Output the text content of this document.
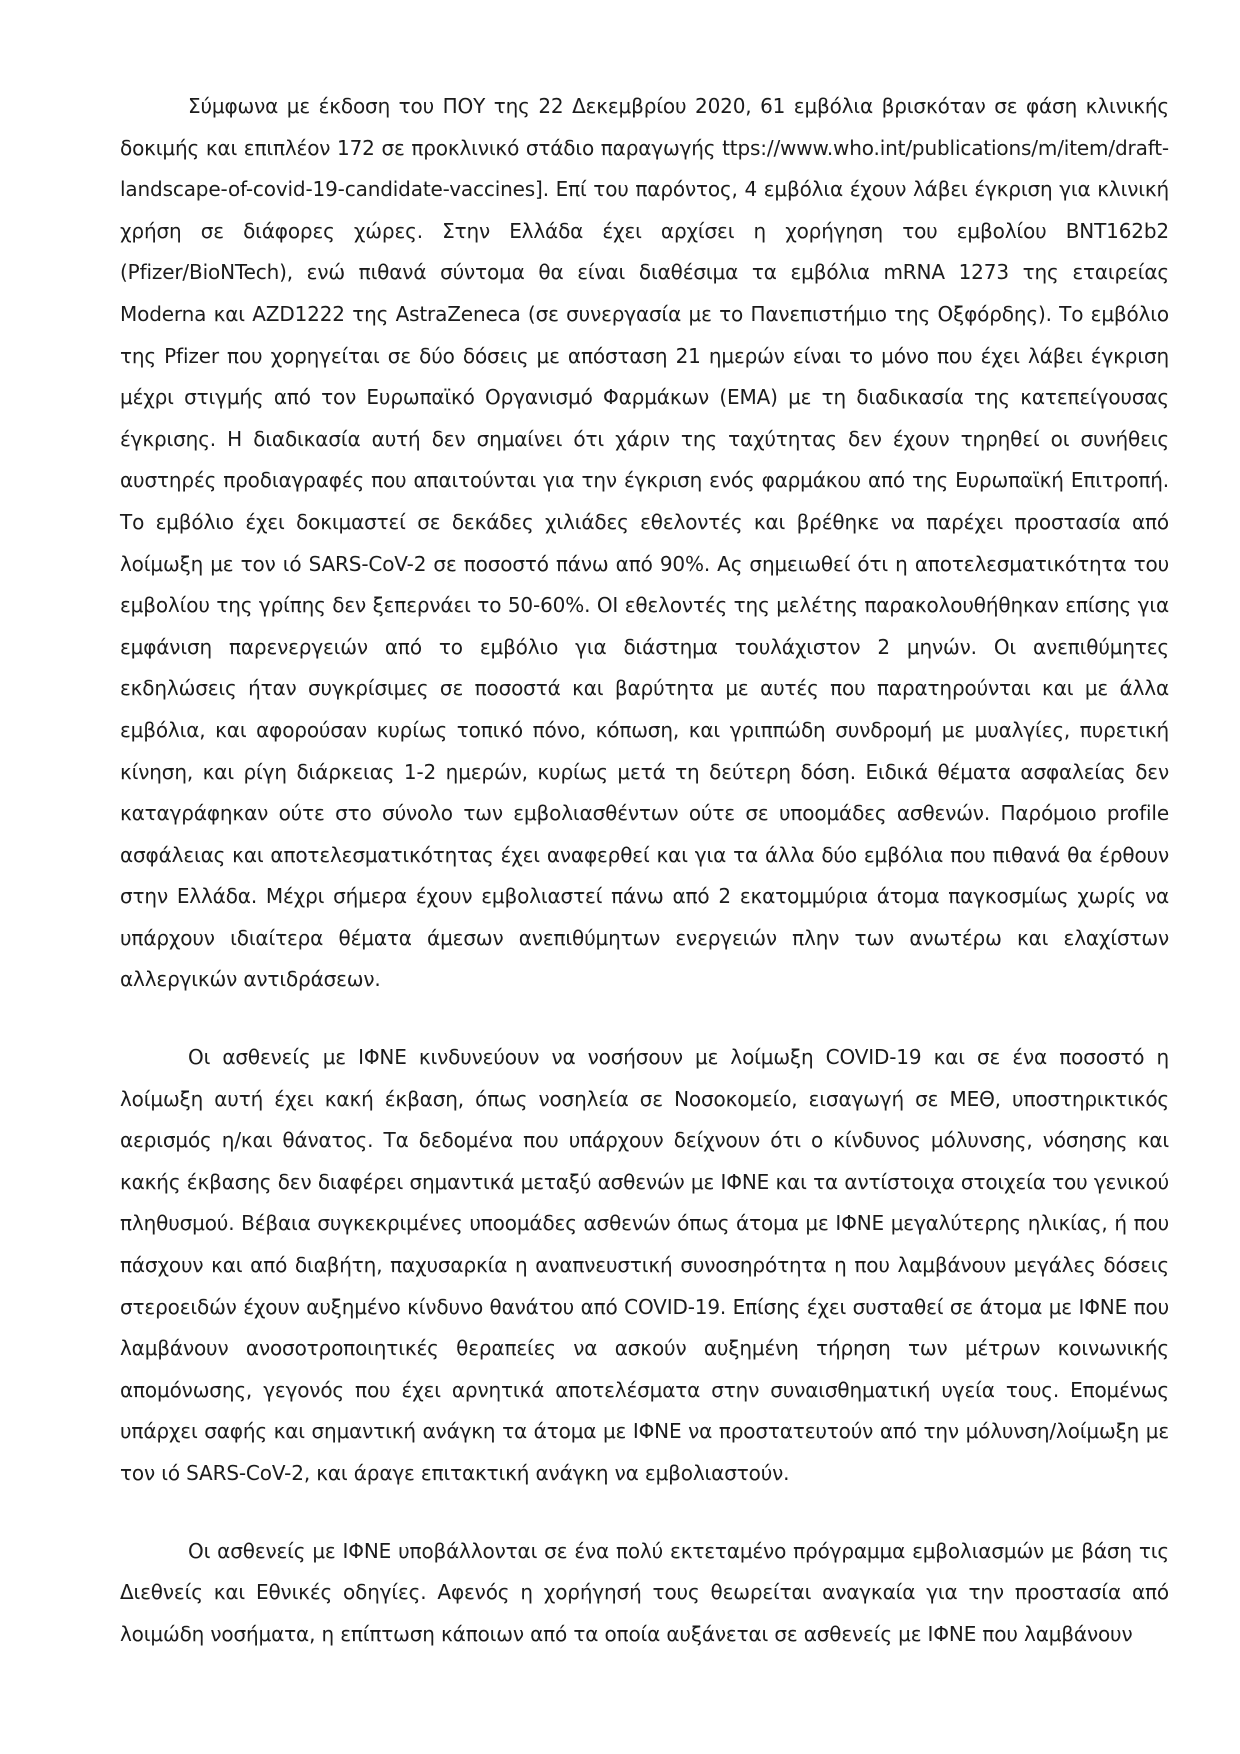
Σύμφωνα με έκδοση του ΠΟΥ της 22 Δεκεμβρίου 2020, 61 εμβόλια βρισκόταν σε φάση κλινικής δοκιμής και επιπλέον 172 σε προκλινικό στάδιο παραγωγής ttps://www.who.int/publications/m/item/draft-landscape-of-covid-19-candidate-vaccines]. Επί του παρόντος, 4 εμβόλια έχουν λάβει έγκριση για κλινική χρήση σε διάφορες χώρες. Στην Ελλάδα έχει αρχίσει η χορήγηση του εμβολίου BNT162b2 (Pfizer/BioNTech), ενώ πιθανά σύντομα θα είναι διαθέσιμα τα εμβόλια mRNA 1273 της εταιρείας Moderna και AZD1222 της AstraZeneca (σε συνεργασία με το Πανεπιστήμιο της Οξφόρδης). Το εμβόλιο της Pfizer που χορηγείται σε δύο δόσεις με απόσταση 21 ημερών είναι το μόνο που έχει λάβει έγκριση μέχρι στιγμής από τον Ευρωπαϊκό Οργανισμό Φαρμάκων (EMA) με τη διαδικασία της κατεπείγουσας έγκρισης. Η διαδικασία αυτή δεν σημαίνει ότι χάριν της ταχύτητας δεν έχουν τηρηθεί οι συνήθεις αυστηρές προδιαγραφές που απαιτούνται για την έγκριση ενός φαρμάκου από της Ευρωπαϊκή Επιτροπή. Το εμβόλιο έχει δοκιμαστεί σε δεκάδες χιλιάδες εθελοντές και βρέθηκε να παρέχει προστασία από λοίμωξη με τον ιό SARS-CoV-2 σε ποσοστό πάνω από 90%. Ας σημειωθεί ότι η αποτελεσματικότητα του εμβολίου της γρίπης δεν ξεπερνάει το 50-60%. ΟΙ εθελοντές της μελέτης παρακολουθήθηκαν επίσης για εμφάνιση παρενεργειών από το εμβόλιο για διάστημα τουλάχιστον 2 μηνών. Οι ανεπιθύμητες εκδηλώσεις ήταν συγκρίσιμες σε ποσοστά και βαρύτητα με αυτές που παρατηρούνται και με άλλα εμβόλια, και αφορούσαν κυρίως τοπικό πόνο, κόπωση, και γριππώδη συνδρομή με μυαλγίες, πυρετική κίνηση, και ρίγη διάρκειας 1-2 ημερών, κυρίως μετά τη δεύτερη δόση. Ειδικά θέματα ασφαλείας δεν καταγράφηκαν ούτε στο σύνολο των εμβολιασθέντων ούτε σε υποομάδες ασθενών. Παρόμοιο profile ασφάλειας και αποτελεσματικότητας έχει αναφερθεί και για τα άλλα δύο εμβόλια που πιθανά θα έρθουν στην Ελλάδα. Μέχρι σήμερα έχουν εμβολιαστεί πάνω από 2 εκατομμύρια άτομα παγκοσμίως χωρίς να υπάρχουν ιδιαίτερα θέματα άμεσων ανεπιθύμητων ενεργειών πλην των ανωτέρω και ελαχίστων αλλεργικών αντιδράσεων.

Οι ασθενείς με ΙΦΝΕ κινδυνεύουν να νοσήσουν με λοίμωξη COVID-19 και σε ένα ποσοστό η λοίμωξη αυτή έχει κακή έκβαση, όπως νοσηλεία σε Νοσοκομείο, εισαγωγή σε ΜΕΘ, υποστηρικτικός αερισμός η/και θάνατος. Τα δεδομένα που υπάρχουν δείχνουν ότι ο κίνδυνος μόλυνσης, νόσησης και κακής έκβασης δεν διαφέρει σημαντικά μεταξύ ασθενών με ΙΦΝΕ και τα αντίστοιχα στοιχεία του γενικού πληθυσμού. Βέβαια συγκεκριμένες υποομάδες ασθενών όπως άτομα με ΙΦΝΕ μεγαλύτερης ηλικίας, ή που πάσχουν και από διαβήτη, παχυσαρκία η αναπνευστική συνοσηρότητα η που λαμβάνουν μεγάλες δόσεις στεροειδών έχουν αυξημένο κίνδυνο θανάτου από COVID-19. Επίσης έχει συσταθεί σε άτομα με ΙΦΝΕ που λαμβάνουν ανοσοτροποιητικές θεραπείες να ασκούν αυξημένη τήρηση των μέτρων κοινωνικής απομόνωσης, γεγονός που έχει αρνητικά αποτελέσματα στην συναισθηματική υγεία τους. Επομένως υπάρχει σαφής και σημαντική ανάγκη τα άτομα με ΙΦΝΕ να προστατευτούν από την μόλυνση/λοίμωξη με τον ιό SARS-CoV-2, και άραγε επιτακτική ανάγκη να εμβολιαστούν.

Οι ασθενείς με ΙΦΝΕ υποβάλλονται σε ένα πολύ εκτεταμένο πρόγραμμα εμβολιασμών με βάση τις Διεθνείς και Εθνικές οδηγίες. Αφενός η χορήγησή τους θεωρείται αναγκαία για την προστασία από λοιμώδη νοσήματα, η επίπτωση κάποιων από τα οποία αυξάνεται σε ασθενείς με ΙΦΝΕ που λαμβάνουν
